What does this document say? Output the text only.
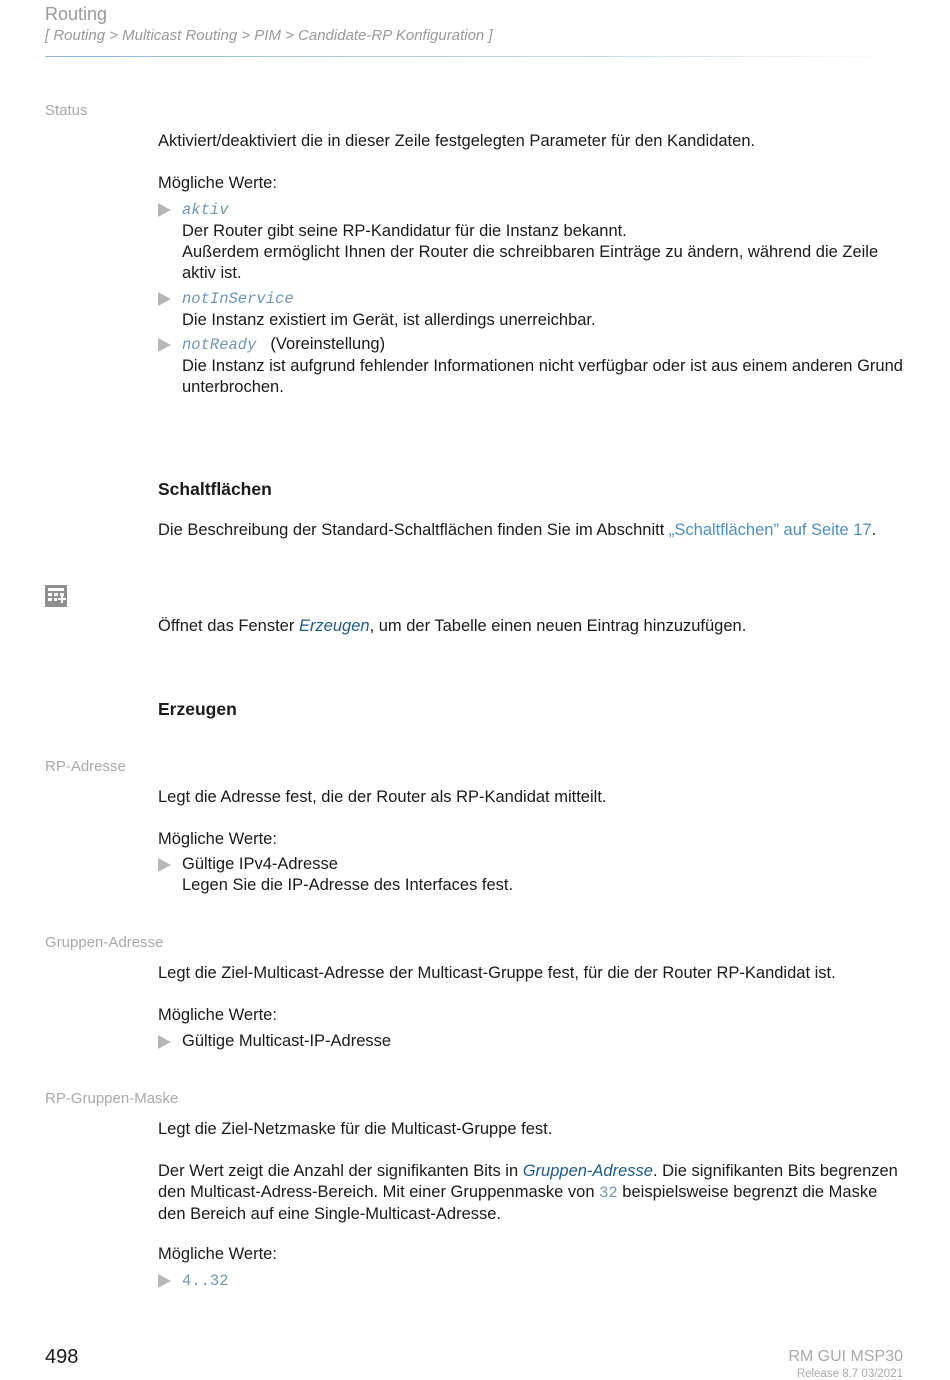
Routing
[ Routing > Multicast Routing > PIM > Candidate-RP Konfiguration ]
Status
Aktiviert/deaktiviert die in dieser Zeile festgelegten Parameter für den Kandidaten.
Mögliche Werte:
aktiv
Der Router gibt seine RP-Kandidatur für die Instanz bekannt.
Außerdem ermöglicht Ihnen der Router die schreibbaren Einträge zu ändern, während die Zeile aktiv ist.
notInService
Die Instanz existiert im Gerät, ist allerdings unerreichbar.
notReady (Voreinstellung)
Die Instanz ist aufgrund fehlender Informationen nicht verfügbar oder ist aus einem anderen Grund unterbrochen.
Schaltflächen
Die Beschreibung der Standard-Schaltflächen finden Sie im Abschnitt „Schaltflächen” auf Seite 17.
Öffnet das Fenster Erzeugen, um der Tabelle einen neuen Eintrag hinzuzufügen.
Erzeugen
RP-Adresse
Legt die Adresse fest, die der Router als RP-Kandidat mitteilt.
Mögliche Werte:
Gültige IPv4-Adresse
Legen Sie die IP-Adresse des Interfaces fest.
Gruppen-Adresse
Legt die Ziel-Multicast-Adresse der Multicast-Gruppe fest, für die der Router RP-Kandidat ist.
Mögliche Werte:
Gültige Multicast-IP-Adresse
RP-Gruppen-Maske
Legt die Ziel-Netzmaske für die Multicast-Gruppe fest.
Der Wert zeigt die Anzahl der signifikanten Bits in Gruppen-Adresse. Die signifikanten Bits begrenzen den Multicast-Adress-Bereich. Mit einer Gruppenmaske von 32 beispielsweise begrenzt die Maske den Bereich auf eine Single-Multicast-Adresse.
Mögliche Werte:
4..32
498	RM GUI MSP30
Release 8.7 03/2021
